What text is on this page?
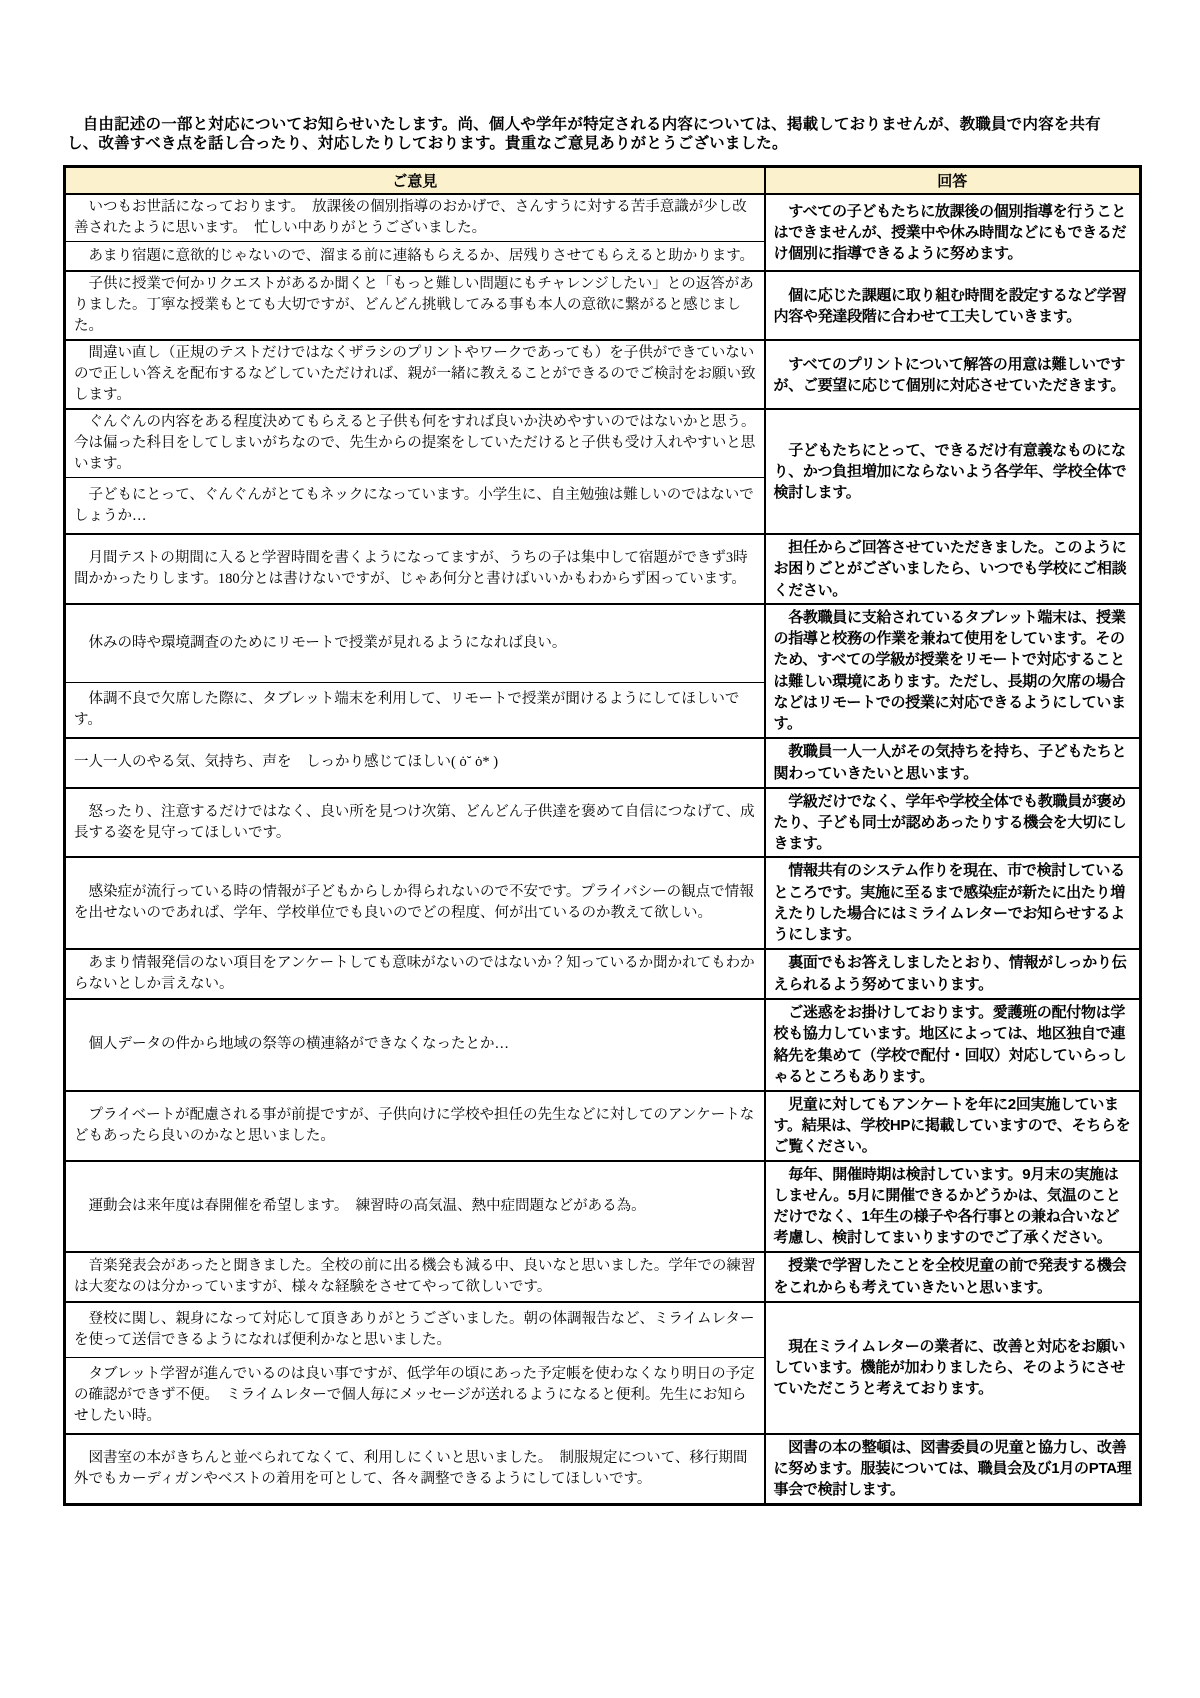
　自由記述の一部と対応についてお知らせいたします。尚、個人や学年が特定される内容については、掲載しておりませんが、教職員で内容を共有し、改善すべき点を話し合ったり、対応したりしております。貴重なご意見ありがとうございました。

ご意見	回答
　いつもお世話になっております。　放課後の個別指導のおかげで、さんすうに対する苦手意識が少し改善されたように思います。　忙しい中ありがとうございました。	　すべての子どもたちに放課後の個別指導を行うことはできませんが、授業中や休み時間などにもできるだけ個別に指導できるように努めます。
　あまり宿題に意欲的じゃないので、溜まる前に連絡もらえるか、居残りさせてもらえると助かります。	
　子供に授業で何かリクエストがあるか聞くと「もっと難しい問題にもチャレンジしたい」との返答がありました。丁寧な授業もとても大切ですが、どんどん挑戦してみる事も本人の意欲に繋がると感じました。	　個に応じた課題に取り組む時間を設定するなど学習内容や発達段階に合わせて工夫していきます。
　間違い直し（正規のテストだけではなくザラシのプリントやワークであっても）を子供ができていないので正しい答えを配布するなどしていただければ、親が一緒に教えることができるのでご検討をお願い致します。	　すべてのプリントについて解答の用意は難しいですが、ご要望に応じて個別に対応させていただきます。
　ぐんぐんの内容をある程度決めてもらえると子供も何をすれば良いか決めやすいのではないかと思う。今は偏った科目をしてしまいがちなので、先生からの提案をしていただけると子供も受け入れやすいと思います。	　子どもたちにとって、できるだけ有意義なものになり、かつ負担増加にならないよう各学年、学校全体で検討します。
　子どもにとって、ぐんぐんがとてもネックになっています。小学生に、自主勉強は難しいのではないでしょうか…	
　月間テストの期間に入ると学習時間を書くようになってますが、うちの子は集中して宿題ができず3時間かかったりします。180分とは書けないですが、じゃあ何分と書けばいいかもわからず困っています。	　担任からご回答させていただきました。このようにお困りごとがございましたら、いつでも学校にご相談ください。
　休みの時や環境調査のためにリモートで授業が見れるようになれば良い。	　各教職員に支給されているタブレット端末は、授業の指導と校務の作業を兼ねて使用をしています。そのため、すべての学級が授業をリモートで対応することは難しい環境にあります。ただし、長期の欠席の場合などはリモートでの授業に対応できるようにしています。
　体調不良で欠席した際に、タブレット端末を利用して、リモートで授業が聞けるようにしてほしいです。	
一人一人のやる気、気持ち、声を　しっかり感じてほしい( ȯ˘ ȯ* )	　教職員一人一人がその気持ちを持ち、子どもたちと関わっていきたいと思います。
　怒ったり、注意するだけではなく、良い所を見つけ次第、どんどん子供達を褒めて自信につなげて、成長する姿を見守ってほしいです。	　学級だけでなく、学年や学校全体でも教職員が褒めたり、子ども同士が認めあったりする機会を大切にしきます。
　感染症が流行っている時の情報が子どもからしか得られないので不安です。プライバシーの観点で情報を出せないのであれば、学年、学校単位でも良いのでどの程度、何が出ているのか教えて欲しい。	　情報共有のシステム作りを現在、市で検討しているところです。実施に至るまで感染症が新たに出たり増えたりした場合にはミライムレターでお知らせするようにします。
　あまり情報発信のない項目をアンケートしても意味がないのではないか？知っているか聞かれてもわからないとしか言えない。	　裏面でもお答えしましたとおり、情報がしっかり伝えられるよう努めてまいります。
　個人データの件から地域の祭等の横連絡ができなくなったとか…	　ご迷惑をお掛けしております。愛護班の配付物は学校も協力しています。地区によっては、地区独自で連絡先を集めて（学校で配付・回収）対応していらっしゃるところもあります。
　プライベートが配慮される事が前提ですが、子供向けに学校や担任の先生などに対してのアンケートなどもあったら良いのかなと思いました。	　児童に対してもアンケートを年に2回実施しています。結果は、学校HPに掲載していますので、そちらをご覧ください。
　運動会は来年度は春開催を希望します。　練習時の高気温、熱中症問題などがある為。	　毎年、開催時期は検討しています。9月末の実施はしません。5月に開催できるかどうかは、気温のことだけでなく、1年生の様子や各行事との兼ね合いなど考慮し、検討してまいりますのでご了承ください。
　音楽発表会があったと聞きました。全校の前に出る機会も減る中、良いなと思いました。学年での練習は大変なのは分かっていますが、様々な経験をさせてやって欲しいです。	　授業で学習したことを全校児童の前で発表する機会をこれからも考えていきたいと思います。
　登校に関し、親身になって対応して頂きありがとうございました。朝の体調報告など、ミライムレターを使って送信できるようになれば便利かなと思いました。	　現在ミライムレターの業者に、改善と対応をお願いしています。機能が加わりましたら、そのようにさせていただこうと考えております。
　タブレット学習が進んでいるのは良い事ですが、低学年の頃にあった予定帳を使わなくなり明日の予定の確認ができず不便。　ミライムレターで個人毎にメッセージが送れるようになると便利。先生にお知らせしたい時。	
　図書室の本がきちんと並べられてなくて、利用しにくいと思いました。　制服規定について、移行期間外でもカーディガンやベストの着用を可として、各々調整できるようにしてほしいです。	　図書の本の整頓は、図書委員の児童と協力し、改善に努めます。服装については、職員会及び1月のPTA理事会で検討します。
